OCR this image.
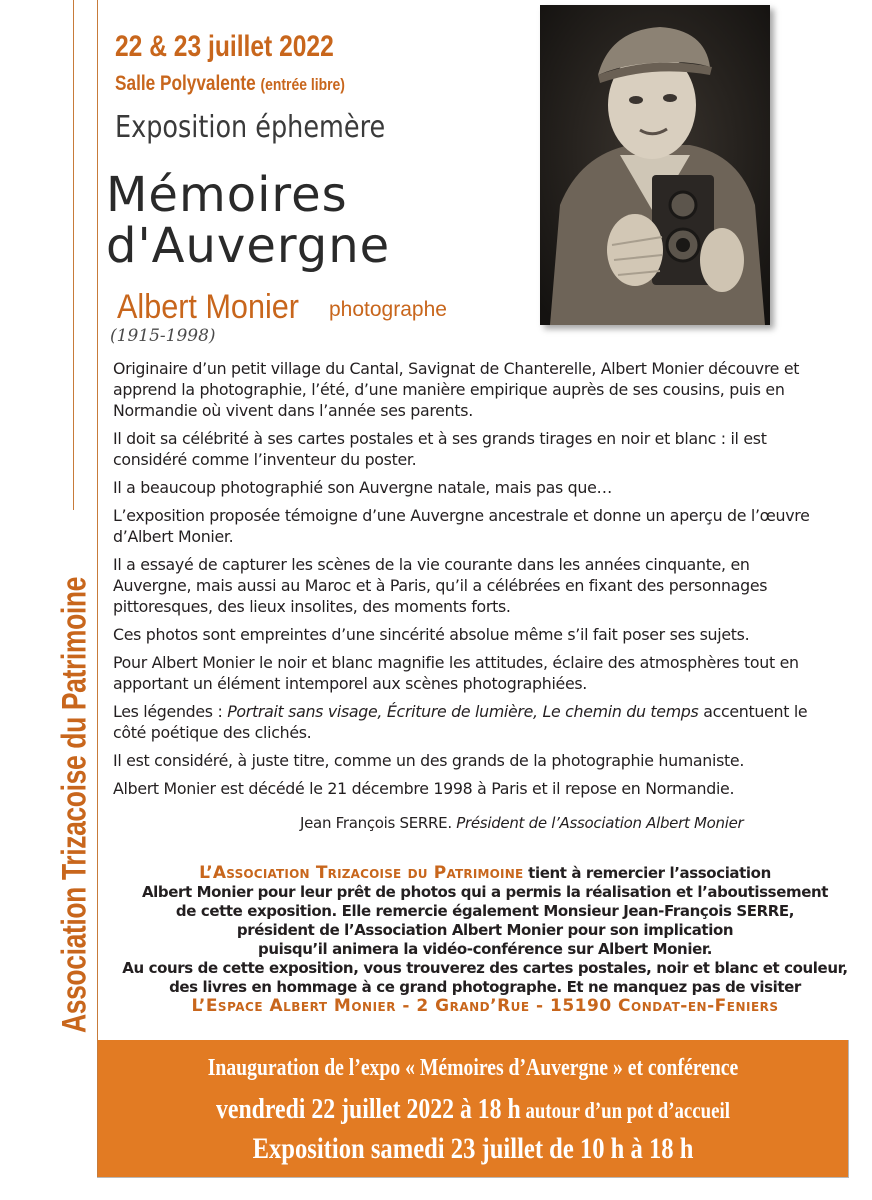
Association Trizacoise du Patrimoine
22 & 23 juillet 2022
Salle Polyvalente (entrée libre)
Exposition éphemère
Mémoires
d'Auvergne
Albert Monier photographe
(1915-1998)

Originaire d’un petit village du Cantal, Savignat de Chanterelle, Albert Monier découvre et apprend la photographie, l’été, d’une manière empirique auprès de ses cousins, puis en Normandie où vivent dans l’année ses parents.

Il doit sa célébrité à ses cartes postales et à ses grands tirages en noir et blanc : il est considéré comme l’inventeur du poster.

Il a beaucoup photographié son Auvergne natale, mais pas que…

L’exposition proposée témoigne d’une Auvergne ancestrale et donne un aperçu de l’œuvre d’Albert Monier.

Il a essayé de capturer les scènes de la vie courante dans les années cinquante, en Auvergne, mais aussi au Maroc et à Paris, qu’il a célébrées en fixant des personnages pittoresques, des lieux insolites, des moments forts.

Ces photos sont empreintes d’une sincérité absolue même s’il fait poser ses sujets.

Pour Albert Monier le noir et blanc magnifie les attitudes, éclaire des atmosphères tout en apportant un élément intemporel aux scènes photographiées.

Les légendes : Portrait sans visage, Écriture de lumière, Le chemin du temps accentuent le côté poétique des clichés.

Il est considéré, à juste titre, comme un des grands de la photographie humaniste.

Albert Monier est décédé le 21 décembre 1998 à Paris et il repose en Normandie.

Jean François SERRE. Président de l’Association Albert Monier
L’Association Trizacoise du Patrimoine tient à remercier l’association
Albert Monier pour leur prêt de photos qui a permis la réalisation et l’aboutissement
de cette exposition. Elle remercie également Monsieur Jean-François SERRE,
président de l’Association Albert Monier pour son implication
puisqu’il animera la vidéo-conférence sur Albert Monier.
Au cours de cette exposition, vous trouverez des cartes postales, noir et blanc et couleur,
des livres en hommage à ce grand photographe. Et ne manquez pas de visiter
L’Espace Albert Monier - 2 Grand’Rue - 15190 Condat-en-Feniers
Inauguration de l’expo « Mémoires d’Auvergne » et conférence
vendredi 22 juillet 2022 à 18 h autour d’un pot d’accueil
Exposition samedi 23 juillet de 10 h à 18 h
